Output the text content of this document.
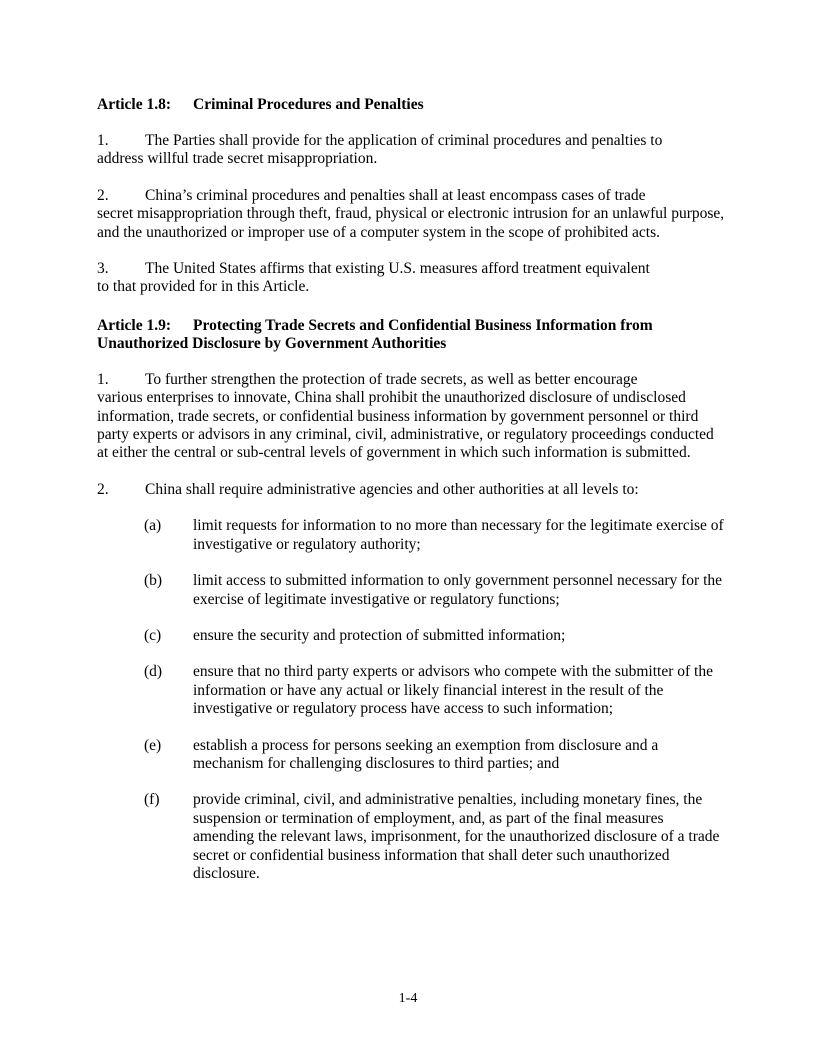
Article 1.8: Criminal Procedures and Penalties
1. The Parties shall provide for the application of criminal procedures and penalties to
address willful trade secret misappropriation.
2. China’s criminal procedures and penalties shall at least encompass cases of trade
secret misappropriation through theft, fraud, physical or electronic intrusion for an unlawful purpose, and the unauthorized or improper use of a computer system in the scope of prohibited acts.
3. The United States affirms that existing U.S. measures afford treatment equivalent
to that provided for in this Article.
Article 1.9: Protecting Trade Secrets and Confidential Business Information from
Unauthorized Disclosure by Government Authorities
1. To further strengthen the protection of trade secrets, as well as better encourage
various enterprises to innovate, China shall prohibit the unauthorized disclosure of undisclosed information, trade secrets, or confidential business information by government personnel or third party experts or advisors in any criminal, civil, administrative, or regulatory proceedings conducted at either the central or sub-central levels of government in which such information is submitted.
2. China shall require administrative agencies and other authorities at all levels to:
(a) limit requests for information to no more than necessary for the legitimate exercise of investigative or regulatory authority;
(b) limit access to submitted information to only government personnel necessary for the exercise of legitimate investigative or regulatory functions;
(c) ensure the security and protection of submitted information;
(d) ensure that no third party experts or advisors who compete with the submitter of the information or have any actual or likely financial interest in the result of the investigative or regulatory process have access to such information;
(e) establish a process for persons seeking an exemption from disclosure and a mechanism for challenging disclosures to third parties; and
(f) provide criminal, civil, and administrative penalties, including monetary fines, the suspension or termination of employment, and, as part of the final measures amending the relevant laws, imprisonment, for the unauthorized disclosure of a trade secret or confidential business information that shall deter such unauthorized disclosure.
1-4
